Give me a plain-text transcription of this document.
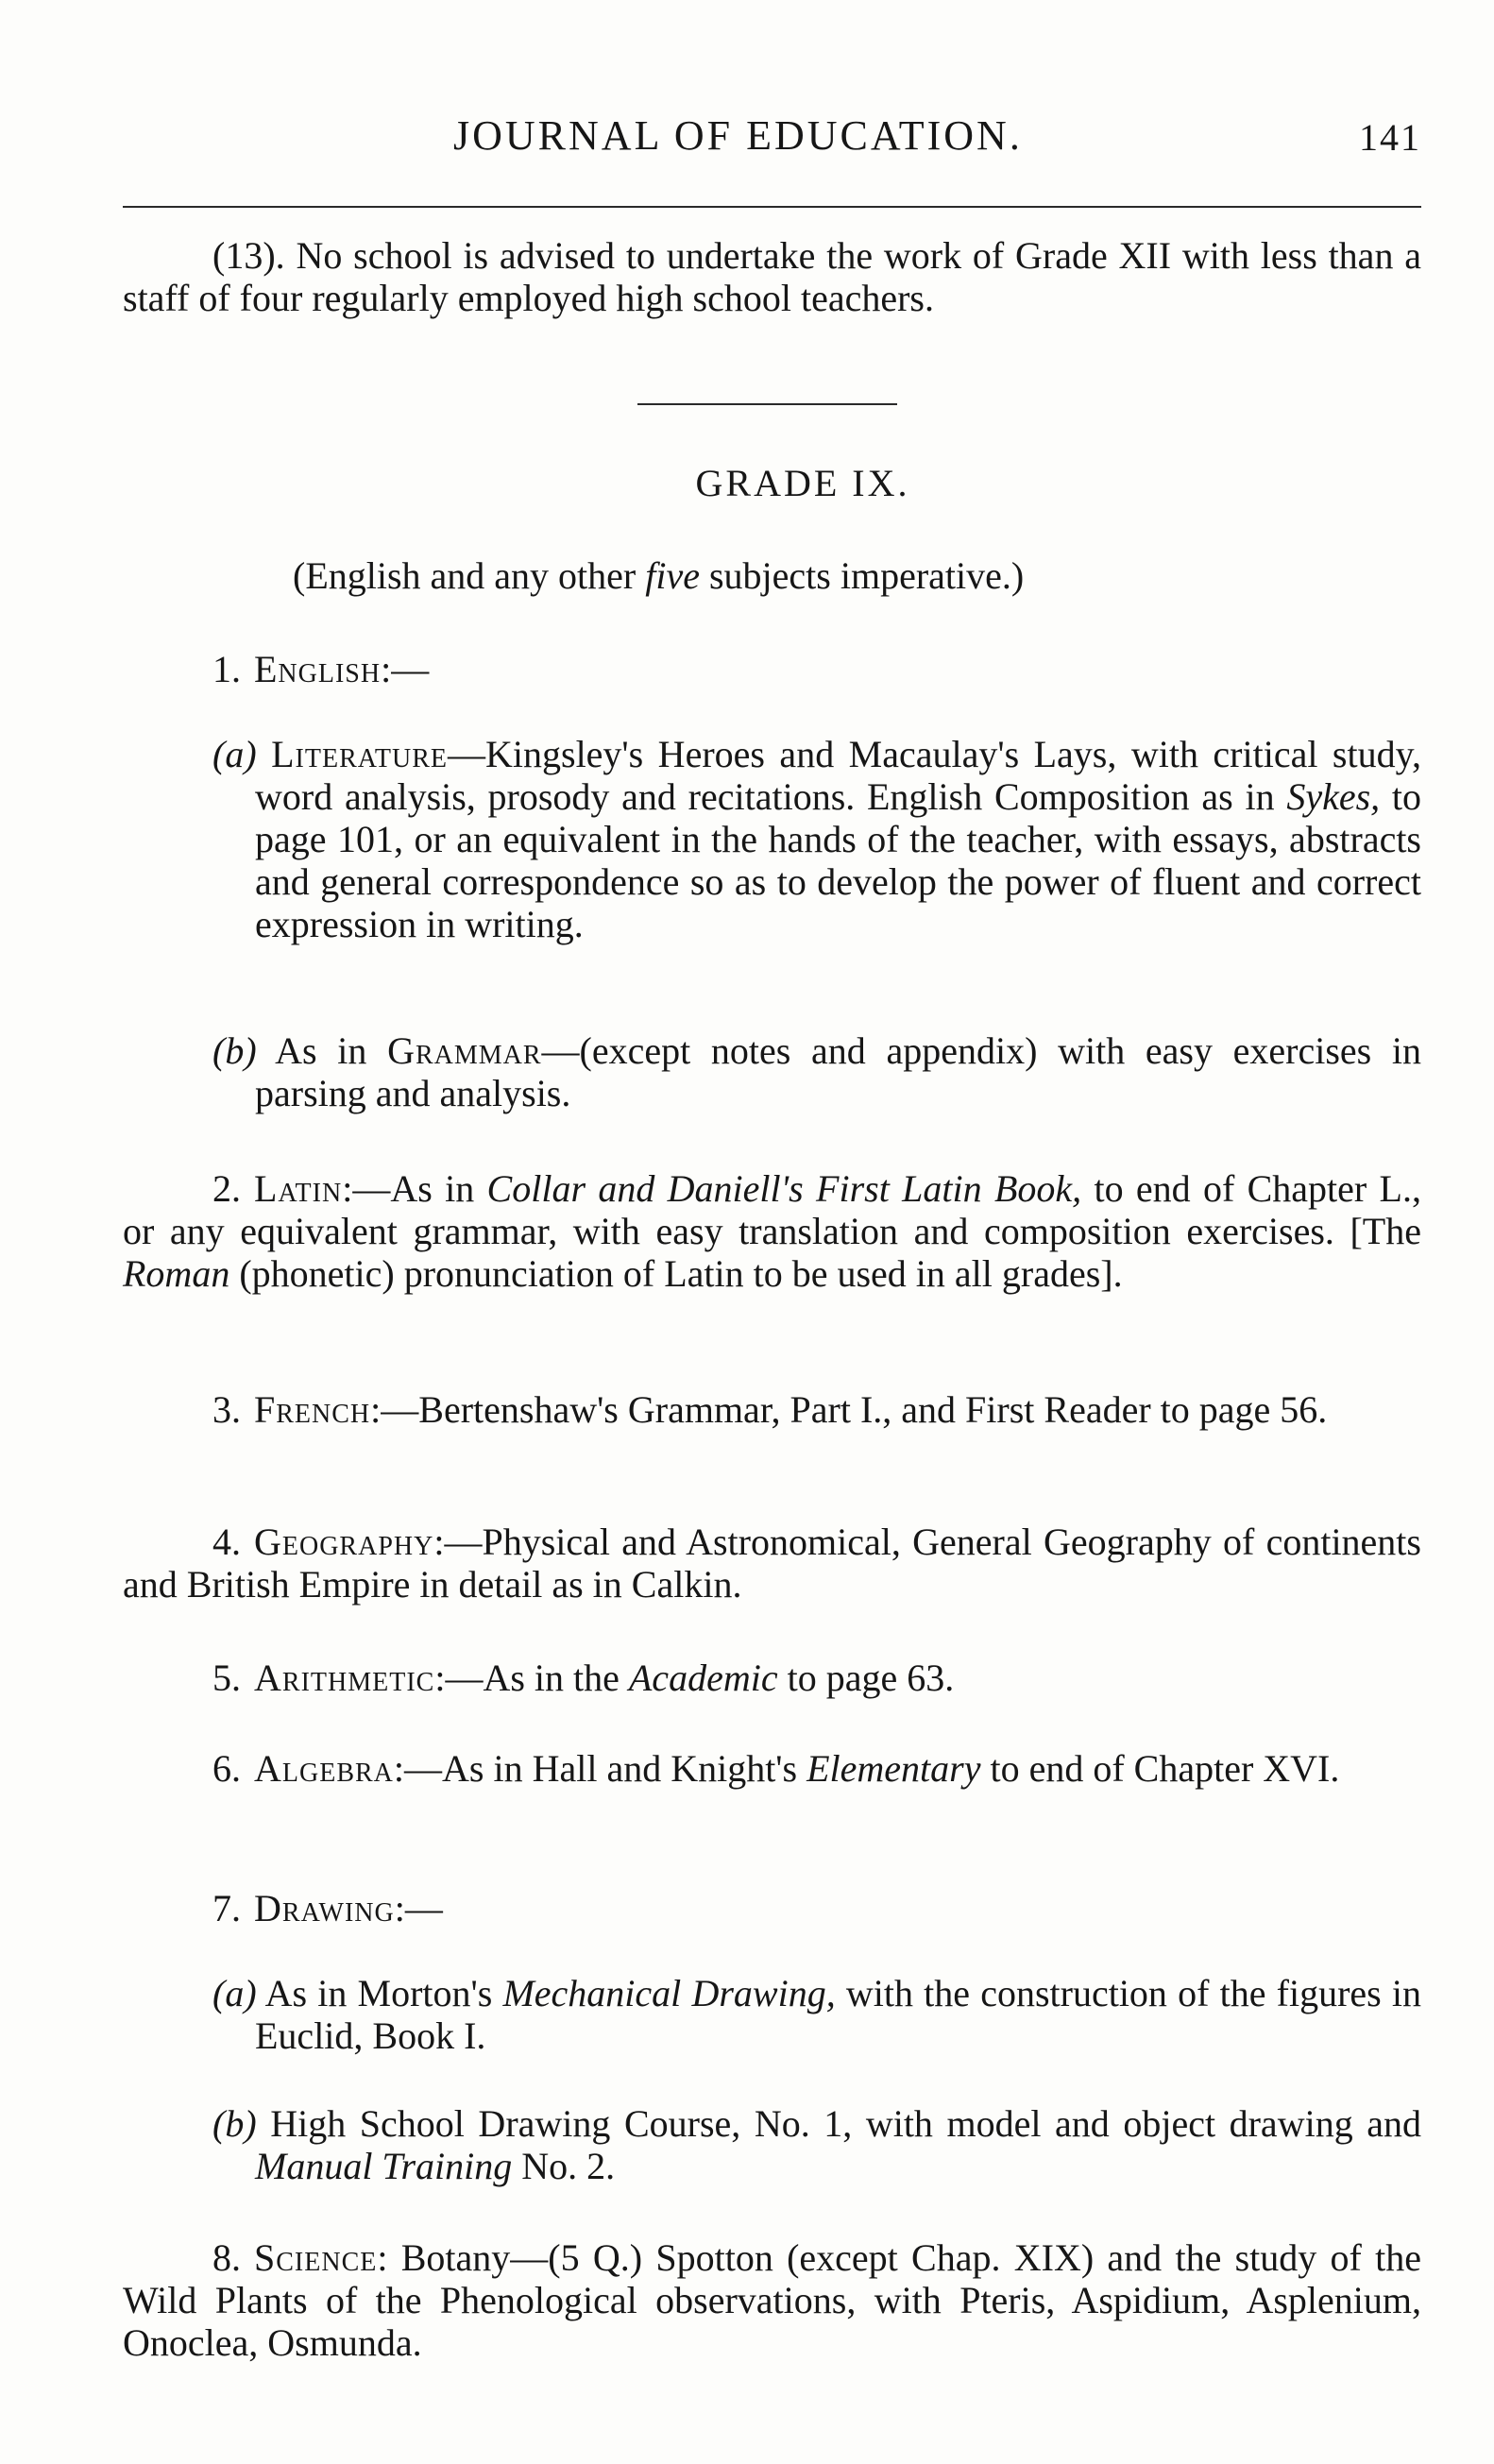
JOURNAL OF EDUCATION.	141

(13). No school is advised to undertake the work of Grade XII with less than a staff of four regularly employed high school teachers.

GRADE IX.
(English and any other five subjects imperative.)

1. English:—

(a) Literature—Kingsley's Heroes and Macaulay's Lays, with critical study, word analysis, prosody and recitations. English Composition as in Sykes, to page 101, or an equivalent in the hands of the teacher, with essays, abstracts and general correspondence so as to develop the power of fluent and correct expression in writing.

(b) As in Grammar—(except notes and appendix) with easy exercises in parsing and analysis.

2. Latin:—As in Collar and Daniell's First Latin Book, to end of Chapter L., or any equivalent grammar, with easy translation and composition exercises. [The Roman (phonetic) pronunciation of Latin to be used in all grades].

3. French:—Bertenshaw's Grammar, Part I., and First Reader to page 56.

4. Geography:—Physical and Astronomical, General Geography of continents and British Empire in detail as in Calkin.

5. Arithmetic:—As in the Academic to page 63.

6. Algebra:—As in Hall and Knight's Elementary to end of Chapter XVI.

7. Drawing:—

(a) As in Morton's Mechanical Drawing, with the construction of the figures in Euclid, Book I.

(b) High School Drawing Course, No. 1, with model and object drawing and Manual Training No. 2.

8. Science: Botany—(5 Q.) Spotton (except Chap. XIX) and the study of the Wild Plants of the Phenological observations, with Pteris, Aspidium, Asplenium, Onoclea, Osmunda.
